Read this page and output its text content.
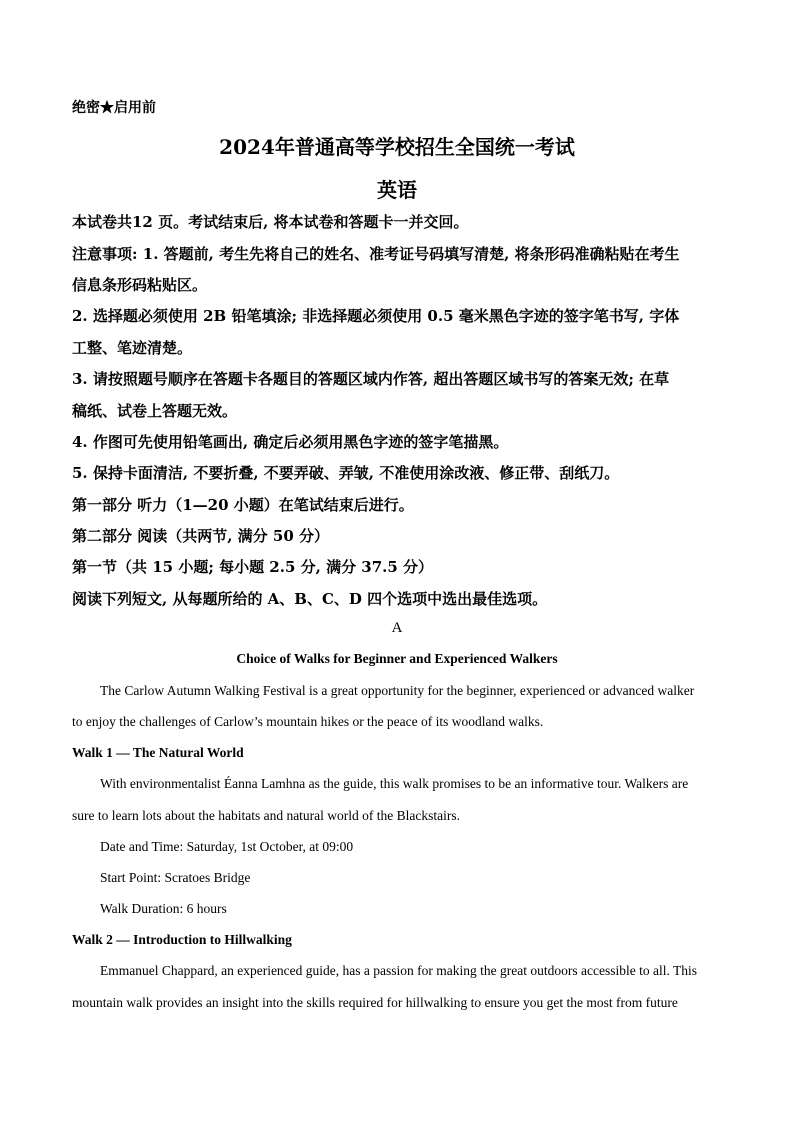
绝密★启用前
2024年普通高等学校招生全国统一考试
英语
本试卷共12 页。考试结束后, 将本试卷和答题卡一并交回。
注意事项: 1. 答题前, 考生先将自己的姓名、准考证号码填写清楚, 将条形码准确粘贴在考生
信息条形码粘贴区。
2. 选择题必须使用 2B 铅笔填涂; 非选择题必须使用 0.5 毫米黑色字迹的签字笔书写, 字体
工整、笔迹清楚。
3. 请按照题号顺序在答题卡各题目的答题区域内作答, 超出答题区域书写的答案无效; 在草
稿纸、试卷上答题无效。
4. 作图可先使用铅笔画出, 确定后必须用黑色字迹的签字笔描黑。
5. 保持卡面清洁, 不要折叠, 不要弄破、弄皱, 不准使用涂改液、修正带、刮纸刀。
第一部分 听力（1—20 小题）在笔试结束后进行。
第二部分 阅读（共两节, 满分 50 分）
第一节（共 15 小题; 每小题 2.5 分, 满分 37.5 分）
阅读下列短文, 从每题所给的 A、B、C、D 四个选项中选出最佳选项。
A
Choice of Walks for Beginner and Experienced Walkers
The Carlow Autumn Walking Festival is a great opportunity for the beginner, experienced or advanced walker
to enjoy the challenges of Carlow’s mountain hikes or the peace of its woodland walks.
Walk 1 — The Natural World
With environmentalist Éanna Lamhna as the guide, this walk promises to be an informative tour. Walkers are
sure to learn lots about the habitats and natural world of the Blackstairs.
Date and Time: Saturday, 1st October, at 09:00
Start Point: Scratoes Bridge
Walk Duration: 6 hours
Walk 2 — Introduction to Hillwalking
Emmanuel Chappard, an experienced guide, has a passion for making the great outdoors accessible to all. This
mountain walk provides an insight into the skills required for hillwalking to ensure you get the most from future
